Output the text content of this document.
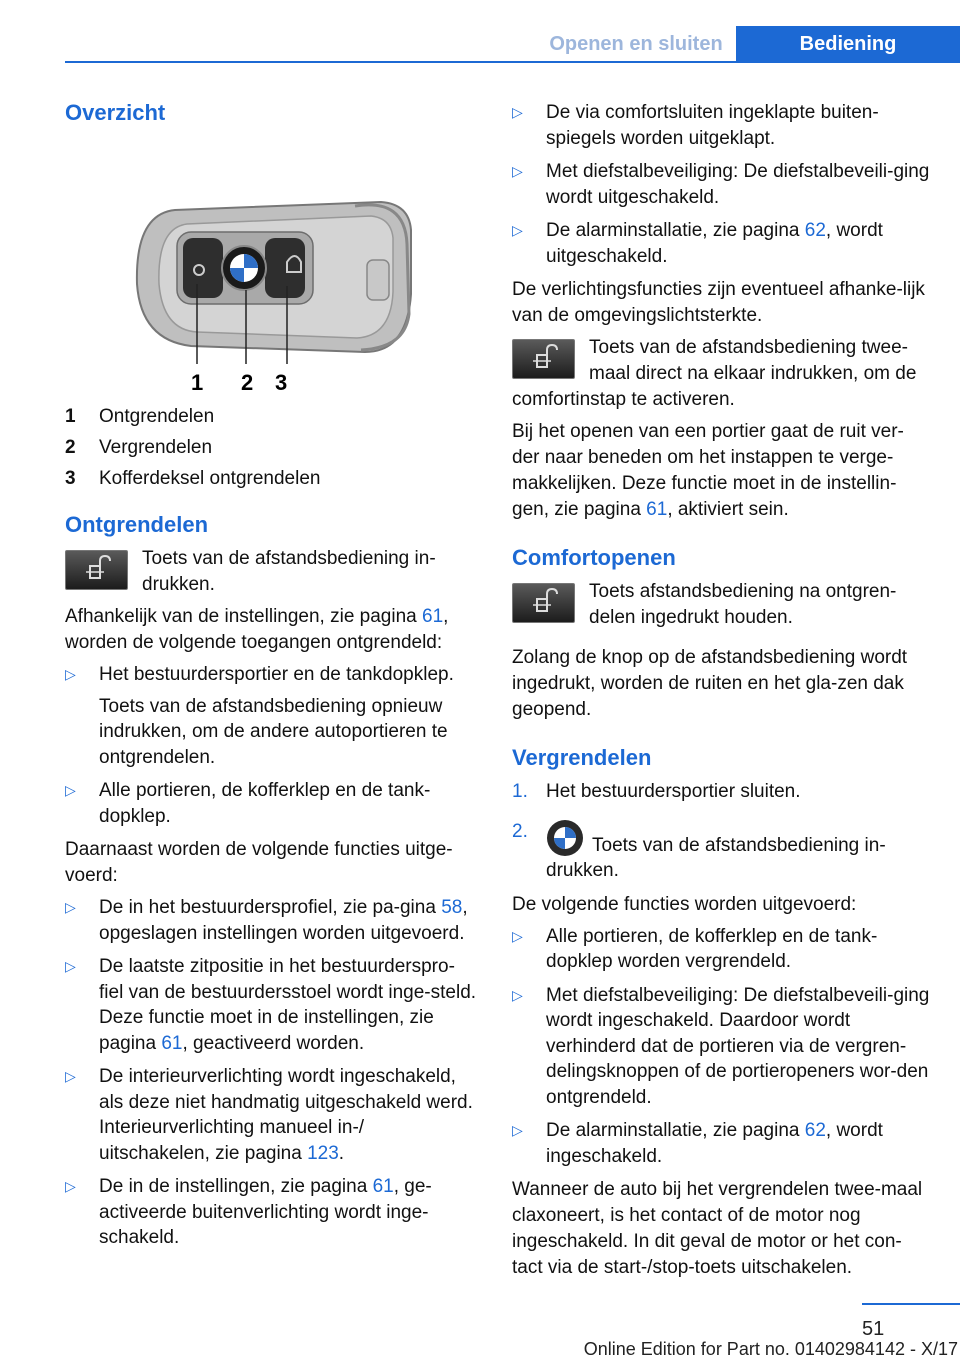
Openen en sluiten	Bediening
Overzicht
1 2 3
1	Ontgrendelen
2	Vergrendelen
3	Kofferdeksel ontgrendelen
Ontgrendelen
Toets van de afstandsbediening in-drukken.

Afhankelijk van de instellingen, zie pagina 61, worden de volgende toegangen ontgrendeld:

▷	Het bestuurdersportier en de tankdopklep.
Toets van de afstandsbediening opnieuw indrukken, om de andere autoportieren te ontgrendelen.
▷	Alle portieren, de kofferklep en de tank-dopklep.

Daarnaast worden de volgende functies uitge-voerd:

▷	De in het bestuurdersprofiel, zie pa-gina 58, opgeslagen instellingen worden uitgevoerd.
▷	De laatste zitpositie in het bestuurderspro-fiel van de bestuurdersstoel wordt inge-steld. Deze functie moet in de instellingen, zie pagina 61, geactiveerd worden.
▷	De interieurverlichting wordt ingeschakeld, als deze niet handmatig uitgeschakeld werd. Interieurverlichting manueel in-/ uitschakelen, zie pagina 123.
▷	De in de instellingen, zie pagina 61, ge-activeerde buitenverlichting wordt inge-schakeld.
▷	De via comfortsluiten ingeklapte buiten-spiegels worden uitgeklapt.
▷	Met diefstalbeveiliging: De diefstalbeveili-ging wordt uitgeschakeld.
▷	De alarminstallatie, zie pagina 62, wordt uitgeschakeld.

De verlichtingsfuncties zijn eventueel afhanke-lijk van de omgevingslichtsterkte.

Toets van de afstandsbediening twee-maal direct na elkaar indrukken, om de comfortinstap te activeren.

Bij het openen van een portier gaat de ruit ver-der naar beneden om het instappen te verge-makkelijken. Deze functie moet in de instellin-gen, zie pagina 61, aktiviert sein.

Comfortopenen
Toets afstandsbediening na ontgren-delen ingedrukt houden.

Zolang de knop op de afstandsbediening wordt ingedrukt, worden de ruiten en het gla-zen dak geopend.

Vergrendelen
1. Het bestuurdersportier sluiten.
2.
Toets van de afstandsbediening in-drukken.

De volgende functies worden uitgevoerd:

▷	Alle portieren, de kofferklep en de tank-dopklep worden vergrendeld.
▷	Met diefstalbeveiliging: De diefstalbeveili-ging wordt ingeschakeld. Daardoor wordt verhinderd dat de portieren via de vergren-delingsknoppen of de portieropeners wor-den ontgrendeld.
▷	De alarminstallatie, zie pagina 62, wordt ingeschakeld.

Wanneer de auto bij het vergrendelen twee-maal claxoneert, is het contact of de motor nog ingeschakeld. In dit geval de motor or het con-tact via de start-/stop-toets uitschakelen.

51
Online Edition for Part no. 01402984142 - X/17
